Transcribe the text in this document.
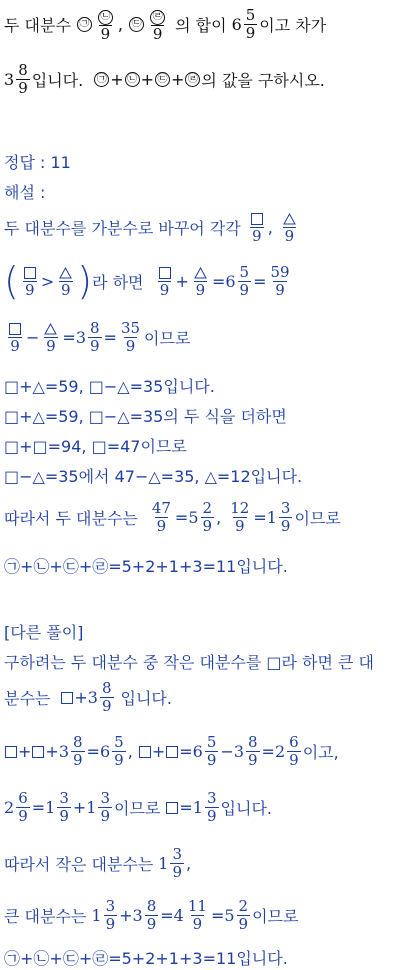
두 대분수 ㉠ $\frac{㉡}{9}$ , ㉢ $\frac{㉣}{9}$ 의 합이 $6 \frac{5}{9}$ 이고 차가
$3 \frac{8}{9}$ 입니다. ㉠ + ㉡ + ㉢ + ㉣ 의 값을 구하시오.
정답 : 11
해설 :
두 대분수를 가분수로 바꾸어 각각 9 , 9
( 9 > 9 ) 라 하면 $9 + 9 = 6 \frac{5}{9} = \frac{59}{9}$
$9 - 9 = 3 \frac{8}{9} = \frac{35}{9}$ 이므로
□+△=59, □−△=35입니다.
□+△=59, □−△=35의 두 식을 더하면
□+□=94, □=47이므로
□−△=35에서 47−△=35, △=12입니다.
따라서 두 대분수는 $\frac{47}{9} = 5 \frac{2}{9}$ , $\frac{12}{9} = 1 \frac{3}{9}$ 이므로
㉠+㉡+㉢+㉣=5+2+1+3=11입니다.
[다른 풀이]
구하려는 두 대분수 중 작은 대분수를 □라 하면 큰 대
분수는 + $3 \frac{8}{9}$ 입니다.
+ + $3 \frac{8}{9} = 6 \frac{5}{9}$ ,
+ = $6 \frac{5}{9} - 3 \frac{8}{9} = 2 \frac{6}{9}$ 이고,
$2 \frac{6}{9} = 1 \frac{3}{9} + 1 \frac{3}{9}$ 이므로 = $1 \frac{3}{9}$ 입니다.
따라서 작은 대분수는 $1 \frac{3}{9}$ ,
큰 대분수는 $1 \frac{3}{9} + 3 \frac{8}{9} = 4 \frac{11}{9} = 5 \frac{2}{9}$ 이므로
㉠+㉡+㉢+㉣=5+2+1+3=11입니다.
